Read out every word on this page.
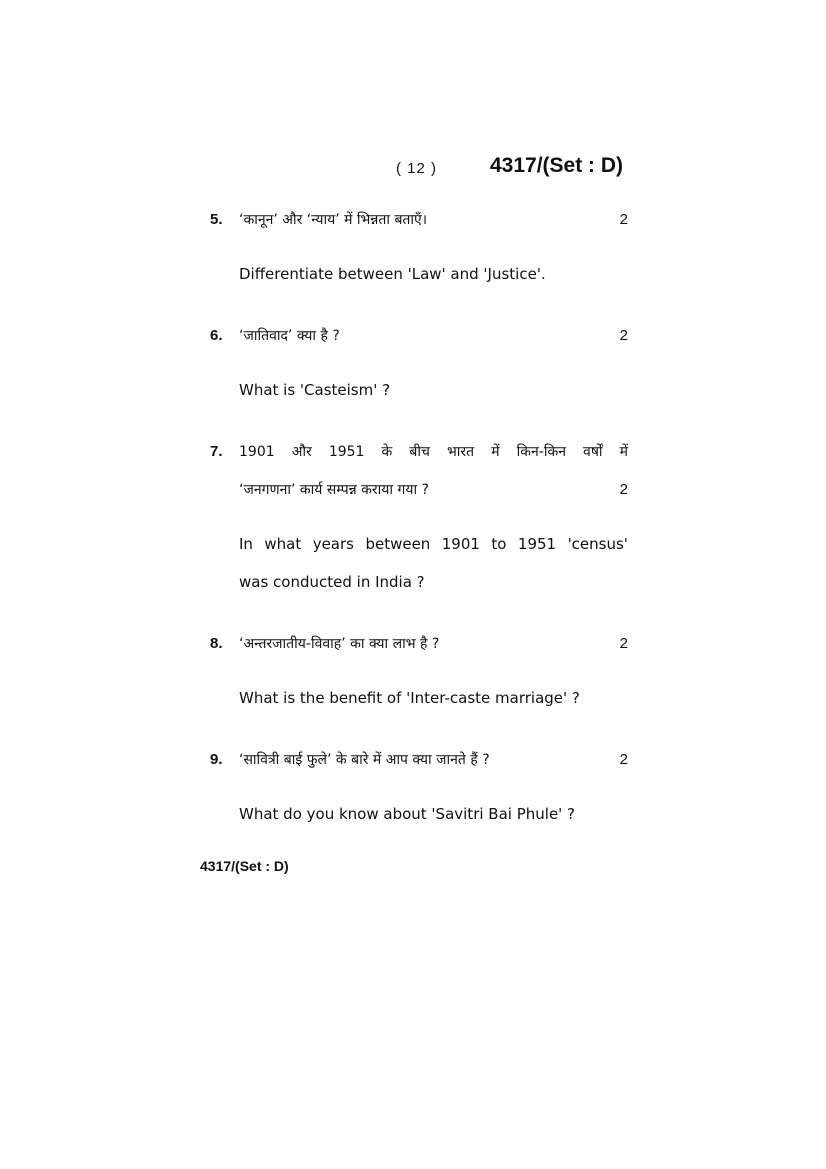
( 12 )	4317/(Set : D)
5. ‘कानून’ और ‘न्याय’ में भिन्नता बताएँ।	2
Differentiate between 'Law' and 'Justice'.
6. ‘जातिवाद’ क्या है ?	2
What is 'Casteism' ?
7. 1901 और 1951 के बीच भारत में किन-किन वर्षों में
‘जनगणना’ कार्य सम्पन्न कराया गया ?	2
In what years between 1901 to 1951 'census'
was conducted in India ?
8. ‘अन्तरजातीय-विवाह’ का क्या लाभ है ?	2
What is the benefit of 'Inter-caste marriage' ?
9. ‘सावित्री बाई फुले’ के बारे में आप क्या जानते हैं ?	2
What do you know about 'Savitri Bai Phule' ?
4317/(Set : D)
